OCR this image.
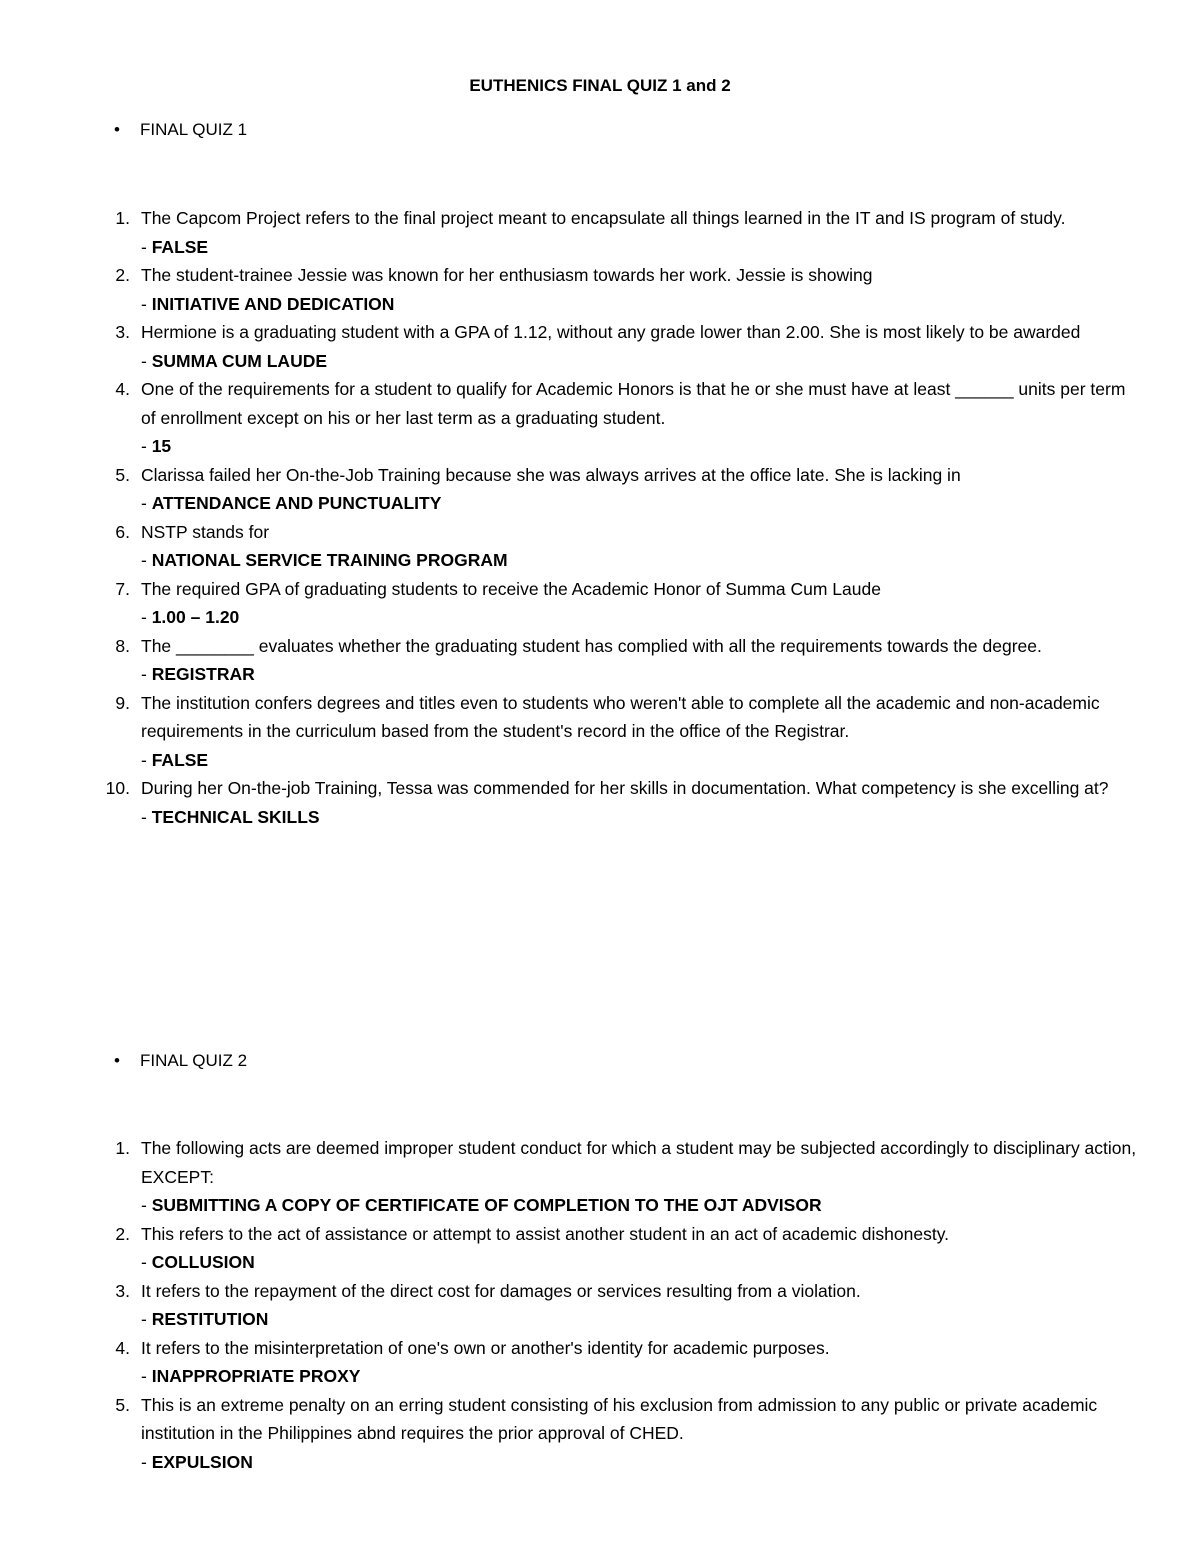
EUTHENICS FINAL QUIZ 1 and 2
• FINAL QUIZ 1
1. The Capcom Project refers to the final project meant to encapsulate all things learned in the IT and IS program of study.
- FALSE
2. The student-trainee Jessie was known for her enthusiasm towards her work. Jessie is showing
- INITIATIVE AND DEDICATION
3. Hermione is a graduating student with a GPA of 1.12, without any grade lower than 2.00. She is most likely to be awarded
- SUMMA CUM LAUDE
4. One of the requirements for a student to qualify for Academic Honors is that he or she must have at least ______ units per term of enrollment except on his or her last term as a graduating student.
- 15
5. Clarissa failed her On-the-Job Training because she was always arrives at the office late. She is lacking in
- ATTENDANCE AND PUNCTUALITY
6. NSTP stands for
- NATIONAL SERVICE TRAINING PROGRAM
7. The required GPA of graduating students to receive the Academic Honor of Summa Cum Laude
- 1.00 – 1.20
8. The ________ evaluates whether the graduating student has complied with all the requirements towards the degree.
- REGISTRAR
9. The institution confers degrees and titles even to students who weren't able to complete all the academic and non-academic requirements in the curriculum based from the student's record in the office of the Registrar.
- FALSE
10. During her On-the-job Training, Tessa was commended for her skills in documentation. What competency is she excelling at?
- TECHNICAL SKILLS
• FINAL QUIZ 2
1. The following acts are deemed improper student conduct for which a student may be subjected accordingly to disciplinary action, EXCEPT:
- SUBMITTING A COPY OF CERTIFICATE OF COMPLETION TO THE OJT ADVISOR
2. This refers to the act of assistance or attempt to assist another student in an act of academic dishonesty.
- COLLUSION
3. It refers to the repayment of the direct cost for damages or services resulting from a violation.
- RESTITUTION
4. It refers to the misinterpretation of one's own or another's identity for academic purposes.
- INAPPROPRIATE PROXY
5. This is an extreme penalty on an erring student consisting of his exclusion from admission to any public or private academic institution in the Philippines abnd requires the prior approval of CHED.
- EXPULSION
